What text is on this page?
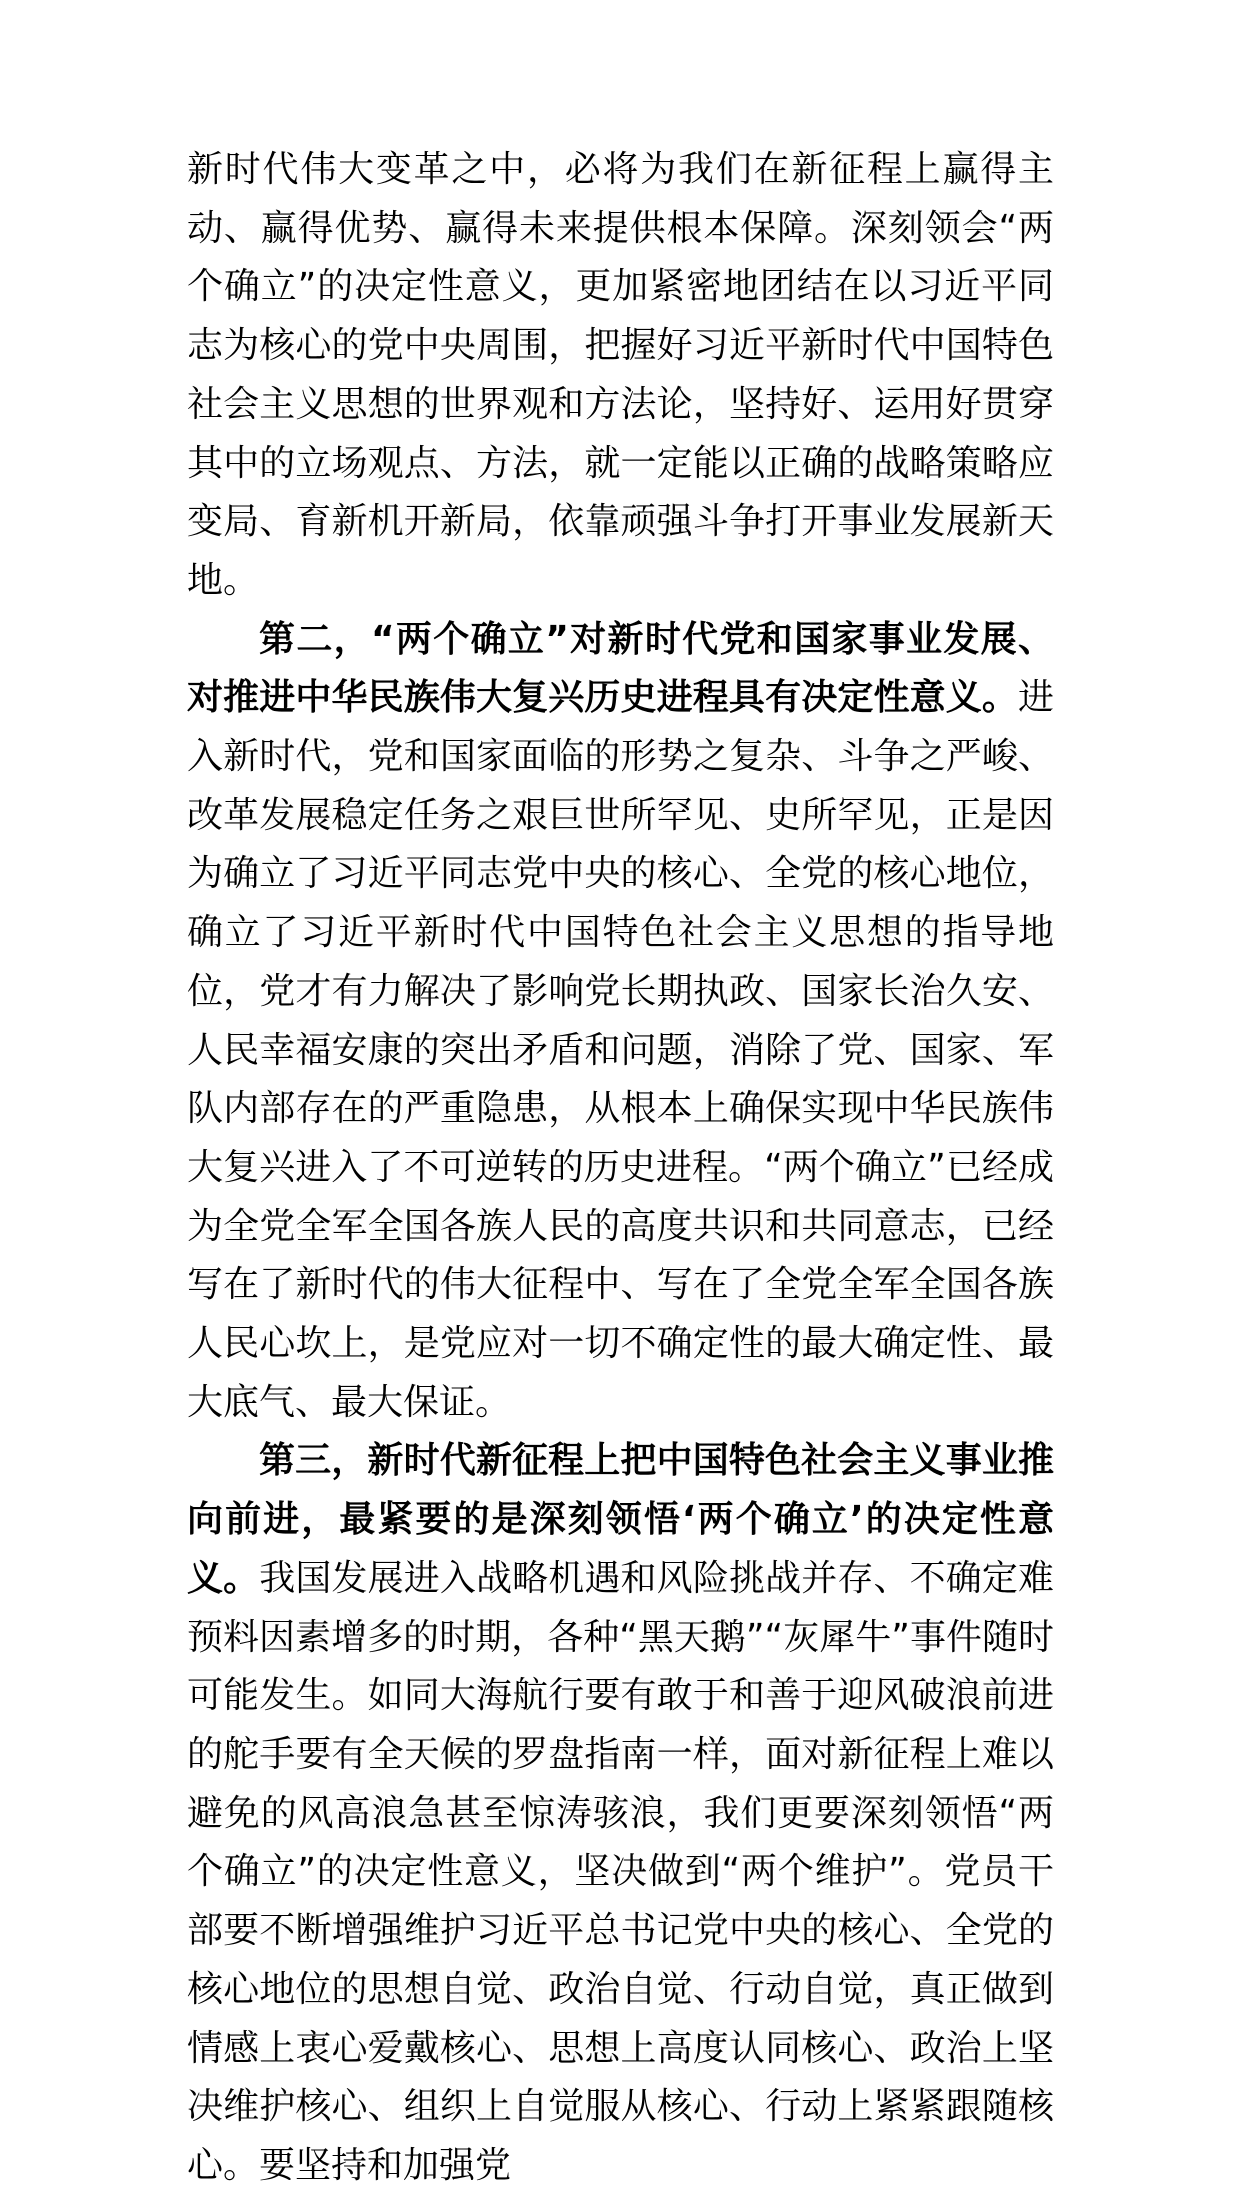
新时代伟大变革之中，必将为我们在新征程上赢得主动、赢得优势、赢得未来提供根本保障。深刻领会“两个确立”的决定性意义，更加紧密地团结在以习近平同志为核心的党中央周围，把握好习近平新时代中国特色社会主义思想的世界观和方法论，坚持好、运用好贯穿其中的立场观点、方法，就一定能以正确的战略策略应变局、育新机开新局，依靠顽强斗争打开事业发展新天地。

第二，“两个确立”对新时代党和国家事业发展、对推进中华民族伟大复兴历史进程具有决定性意义。进入新时代，党和国家面临的形势之复杂、斗争之严峻、改革发展稳定任务之艰巨世所罕见、史所罕见，正是因为确立了习近平同志党中央的核心、全党的核心地位，确立了习近平新时代中国特色社会主义思想的指导地位，党才有力解决了影响党长期执政、国家长治久安、人民幸福安康的突出矛盾和问题，消除了党、国家、军队内部存在的严重隐患，从根本上确保实现中华民族伟大复兴进入了不可逆转的历史进程。“两个确立”已经成为全党全军全国各族人民的高度共识和共同意志，已经写在了新时代的伟大征程中、写在了全党全军全国各族人民心坎上，是党应对一切不确定性的最大确定性、最大底气、最大保证。

第三，新时代新征程上把中国特色社会主义事业推向前进，最紧要的是深刻领悟‘两个确立’的决定性意义。我国发展进入战略机遇和风险挑战并存、不确定难预料因素增多的时期，各种“黑天鹅”“灰犀牛”事件随时可能发生。如同大海航行要有敢于和善于迎风破浪前进的舵手要有全天候的罗盘指南一样，面对新征程上难以避免的风高浪急甚至惊涛骇浪，我们更要深刻领悟“两个确立”的决定性意义，坚决做到“两个维护”。党员干部要不断增强维护习近平总书记党中央的核心、全党的核心地位的思想自觉、政治自觉、行动自觉，真正做到情感上衷心爱戴核心、思想上高度认同核心、政治上坚决维护核心、组织上自觉服从核心、行动上紧紧跟随核心。要坚持和加强党
